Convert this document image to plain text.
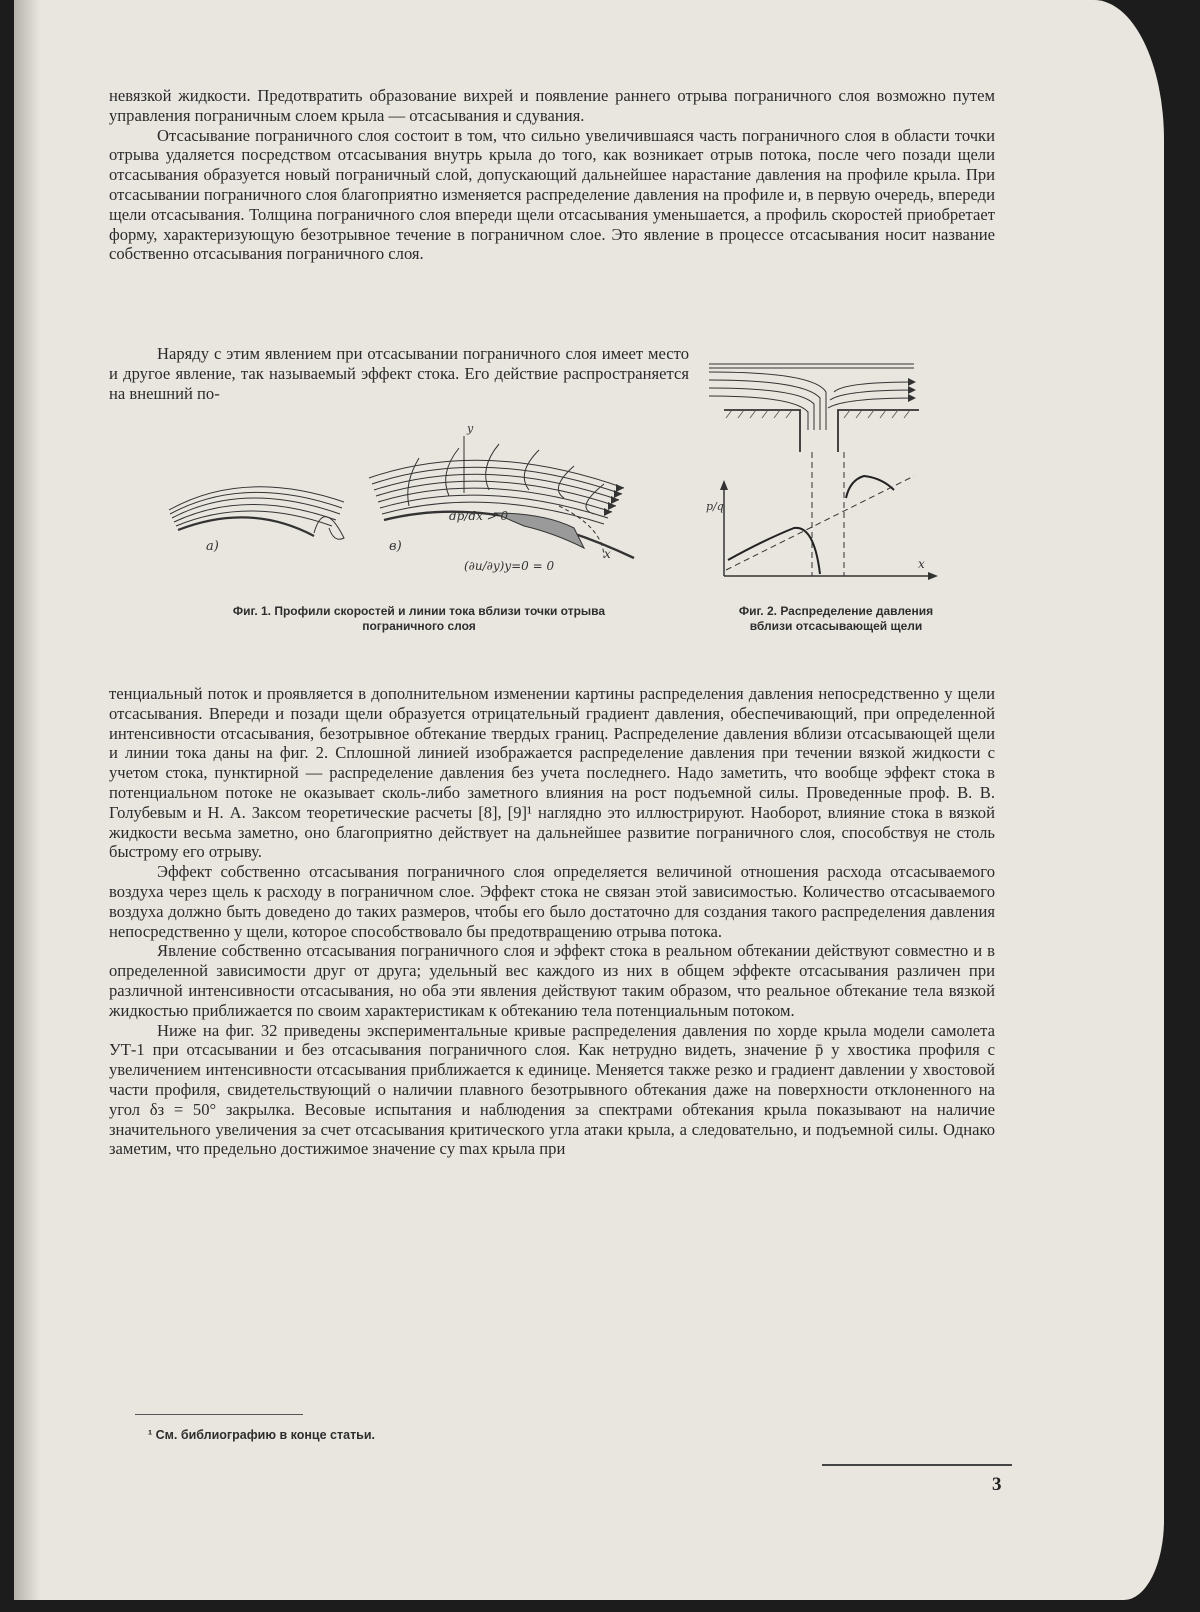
невязкой жидкости. Предотвратить образование вихрей и появление раннего отрыва пограничного слоя возможно путем управления пограничным слоем крыла — отсасывания и сдувания.

Отсасывание пограничного слоя состоит в том, что сильно увеличившаяся часть пограничного слоя в области точки отрыва удаляется посредством отсасывания внутрь крыла до того, как возникает отрыв потока, после чего позади щели отсасывания образуется новый пограничный слой, допускающий дальнейшее нарастание давления на профиле крыла. При отсасывании пограничного слоя благоприятно изменяется распределение давления на профиле и, в первую очередь, впереди щели отсасывания. Толщина пограничного слоя впереди щели отсасывания уменьшается, а профиль скоростей приобретает форму, характеризующую безотрывное течение в пограничном слое. Это явление в процессе отсасывания носит название собственно отсасывания пограничного слоя.

Наряду с этим явлением при отсасывании пограничного слоя имеет место и другое явление, так называемый эффект стока. Его действие распространяется на внешний по-

а)
y
x
в)
dp/dx > 0
(∂u/∂y)y=0 = 0
Фиг. 1. Профили скоростей и линии тока вблизи точки отрыва пограничного слоя
p/q
x
Фиг. 2. Распределение давления вблизи отсасывающей щели

тенциальный поток и проявляется в дополнительном изменении картины распределения давления непосредственно у щели отсасывания. Впереди и позади щели образуется отрицательный градиент давления, обеспечивающий, при определенной интенсивности отсасывания, безотрывное обтекание твердых границ. Распределение давления вблизи отсасывающей щели и линии тока даны на фиг. 2. Сплошной линией изображается распределение давления при течении вязкой жидкости с учетом стока, пунктирной — распределение давления без учета последнего. Надо заметить, что вообще эффект стока в потенциальном потоке не оказывает сколь-либо заметного влияния на рост подъемной силы. Проведенные проф. В. В. Голубевым и Н. А. Заксом теоретические расчеты [8], [9]¹ наглядно это иллюстрируют. Наоборот, влияние стока в вязкой жидкости весьма заметно, оно благоприятно действует на дальнейшее развитие пограничного слоя, способствуя не столь быстрому его отрыву.

Эффект собственно отсасывания пограничного слоя определяется величиной отношения расхода отсасываемого воздуха через щель к расходу в пограничном слое. Эффект стока не связан этой зависимостью. Количество отсасываемого воздуха должно быть доведено до таких размеров, чтобы его было достаточно для создания такого распределения давления непосредственно у щели, которое способствовало бы предотвращению отрыва потока.

Явление собственно отсасывания пограничного слоя и эффект стока в реальном обтекании действуют совместно и в определенной зависимости друг от друга; удельный вес каждого из них в общем эффекте отсасывания различен при различной интенсивности отсасывания, но оба эти явления действуют таким образом, что реальное обтекание тела вязкой жидкостью приближается по своим характеристикам к обтеканию тела потенциальным потоком.

Ниже на фиг. 32 приведены экспериментальные кривые распределения давления по хорде крыла модели самолета УТ-1 при отсасывании и без отсасывания пограничного слоя. Как нетрудно видеть, значение p̄ у хвостика профиля с увеличением интенсивности отсасывания приближается к единице. Меняется также резко и градиент давлении у хвостовой части профиля, свидетельствующий о наличии плавного безотрывного обтекания даже на поверхности отклоненного на угол δз = 50° закрылка. Весовые испытания и наблюдения за спектрами обтекания крыла показывают на наличие значительного увеличения за счет отсасывания критического угла атаки крыла, а следовательно, и подъемной силы. Однако заметим, что предельно достижимое значение cy max крыла при

¹ См. библиографию в конце статьи.
3
